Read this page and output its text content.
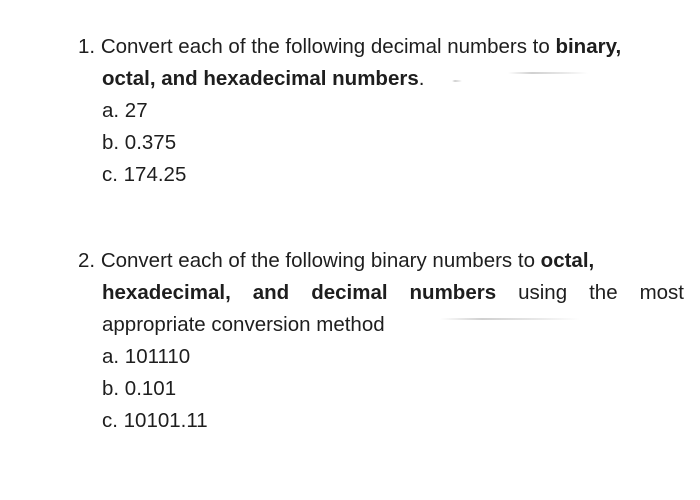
1. Convert each of the following decimal numbers to binary,
octal, and hexadecimal numbers.
a. 27
b. 0.375
c. 174.25
2. Convert each of the following binary numbers to octal,
hexadecimal, and decimal numbers using the most
appropriate conversion method
a. 101110
b. 0.101
c. 10101.11
